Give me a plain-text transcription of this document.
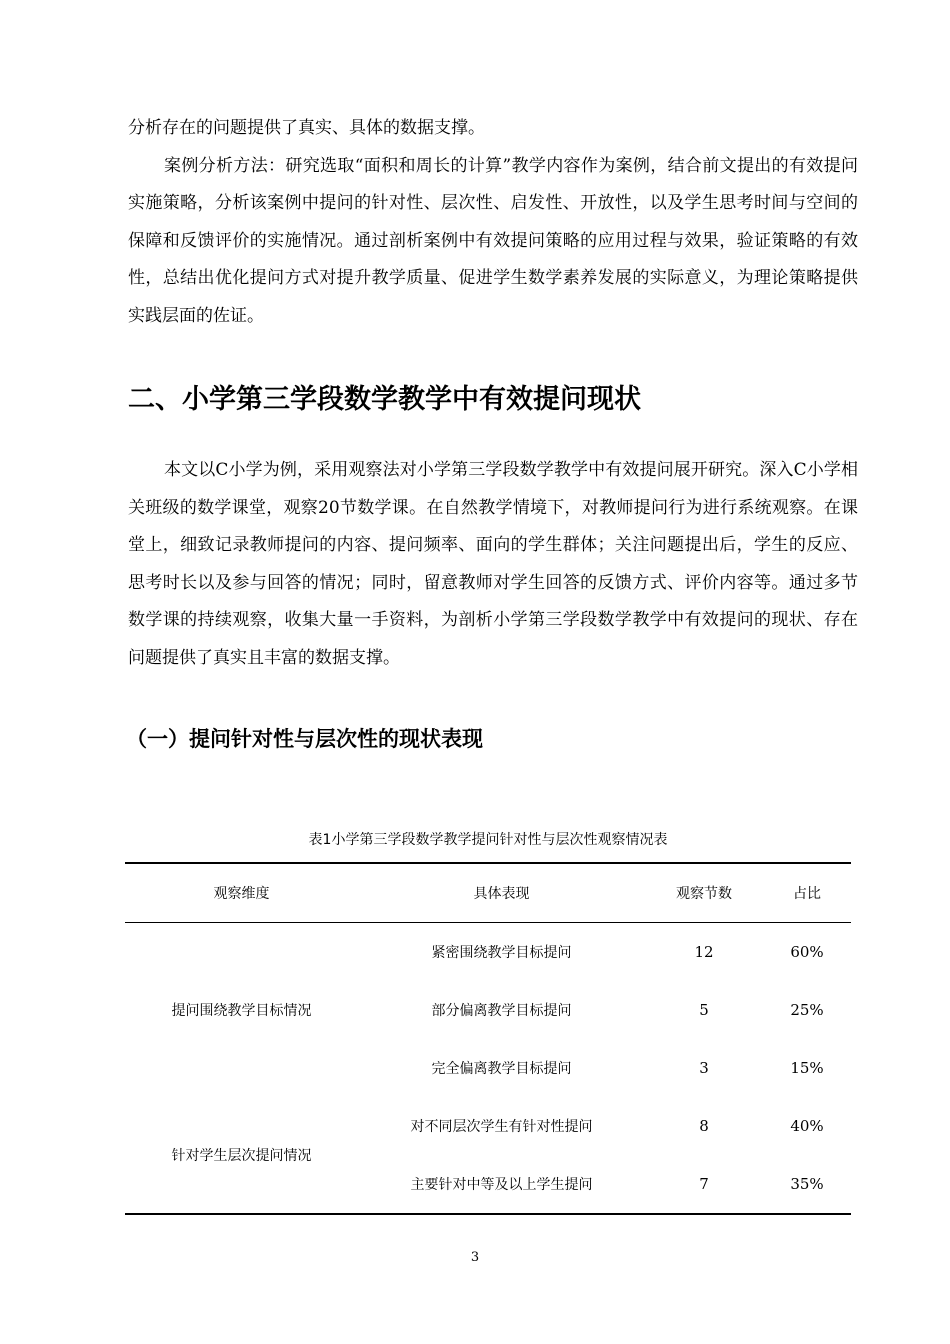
分析存在的问题提供了真实、具体的数据支撑。

案例分析方法：研究选取“面积和周长的计算”教学内容作为案例，结合前文提出的有效提问实施策略，分析该案例中提问的针对性、层次性、启发性、开放性，以及学生思考时间与空间的保障和反馈评价的实施情况。通过剖析案例中有效提问策略的应用过程与效果，验证策略的有效性，总结出优化提问方式对提升教学质量、促进学生数学素养发展的实际意义，为理论策略提供实践层面的佐证。

二、小学第三学段数学教学中有效提问现状

本文以C小学为例，采用观察法对小学第三学段数学教学中有效提问展开研究。深入C小学相关班级的数学课堂，观察20节数学课。在自然教学情境下，对教师提问行为进行系统观察。在课堂上，细致记录教师提问的内容、提问频率、面向的学生群体；关注问题提出后，学生的反应、思考时长以及参与回答的情况；同时，留意教师对学生回答的反馈方式、评价内容等。通过多节数学课的持续观察，收集大量一手资料，为剖析小学第三学段数学教学中有效提问的现状、存在问题提供了真实且丰富的数据支撑。

（一）提问针对性与层次性的现状表现
表1小学第三学段数学教学提问针对性与层次性观察情况表
观察维度	具体表现	观察节数	占比
提问围绕教学目标情况	紧密围绕教学目标提问	12	60%
	部分偏离教学目标提问	5	25%
	完全偏离教学目标提问	3	15%
针对学生层次提问情况	对不同层次学生有针对性提问	8	40%
	主要针对中等及以上学生提问	7	35%
3
